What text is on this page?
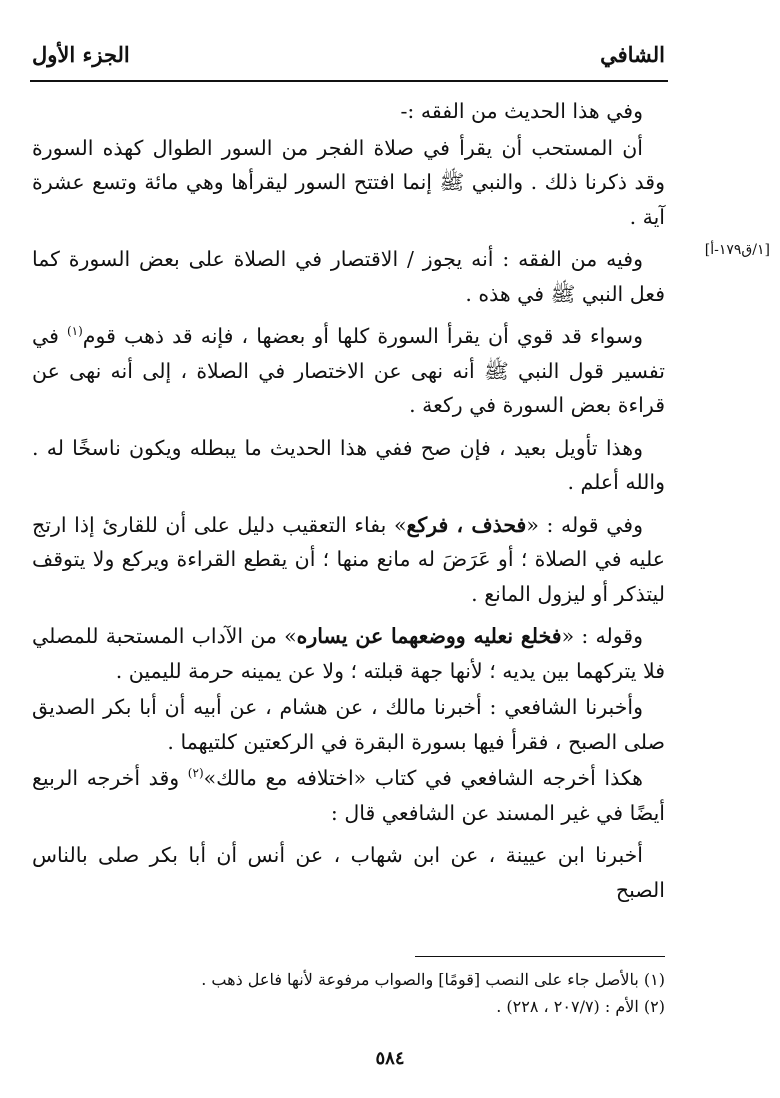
الشافي
الجزء الأول
[١/ق١٧٩-أ]

وفي هذا الحديث من الفقه :-

أن المستحب أن يقرأ في صلاة الفجر من السور الطوال كهذه السورة وقد ذكرنا ذلك . والنبي ﷺ إنما افتتح السور ليقرأها وهي مائة وتسع عشرة آية .

وفيه من الفقه : أنه يجوز / الاقتصار في الصلاة على بعض السورة كما فعل النبي ﷺ في هذه .

وسواء قد قوي أن يقرأ السورة كلها أو بعضها ، فإنه قد ذهب قوم$^{(١)}$ في تفسير قول النبي ﷺ أنه نهى عن الاختصار في الصلاة ، إلى أنه نهى عن قراءة بعض السورة في ركعة .

وهذا تأويل بعيد ، فإن صح ففي هذا الحديث ما يبطله ويكون ناسخًا له . والله أعلم .

وفي قوله : «فحذف ، فركع» بفاء التعقيب دليل على أن للقارئ إذا ارتج عليه في الصلاة ؛ أو عَرَضَ له مانع منها ؛ أن يقطع القراءة ويركع ولا يتوقف ليتذكر أو ليزول المانع .

وقوله : «فخلع نعليه ووضعهما عن يساره» من الآداب المستحبة للمصلي فلا يتركهما بين يديه ؛ لأنها جهة قبلته ؛ ولا عن يمينه حرمة لليمين .

وأخبرنا الشافعي : أخبرنا مالك ، عن هشام ، عن أبيه أن أبا بكر الصديق صلى الصبح ، فقرأ فيها بسورة البقرة في الركعتين كلتيهما .

هكذا أخرجه الشافعي في كتاب «اختلافه مع مالك»$^{(٢)}$ وقد أخرجه الربيع أيضًا في غير المسند عن الشافعي قال :

أخبرنا ابن عيينة ، عن ابن شهاب ، عن أنس أن أبا بكر صلى بالناس الصبح

(١) بالأصل جاء على النصب [قومًا] والصواب مرفوعة لأنها فاعل ذهب .

(٢) الأم : (٢٠٧/٧ ، ٢٢٨) .

٥٨٤
